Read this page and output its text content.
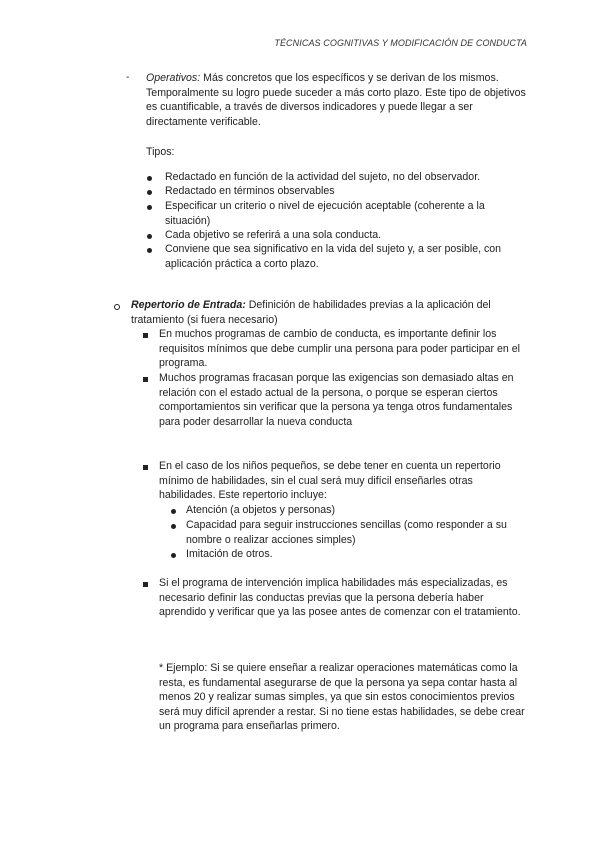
TÉCNICAS COGNITIVAS Y MODIFICACIÓN DE CONDUCTA
- Operativos: Más concretos que los específicos y se derivan de los mismos. Temporalmente su logro puede suceder a más corto plazo. Este tipo de objetivos es cuantificable, a través de diversos indicadores y puede llegar a ser directamente verificable.
Tipos:
Redactado en función de la actividad del sujeto, no del observador.
Redactado en términos observables
Especificar un criterio o nivel de ejecución aceptable (coherente a la situación)
Cada objetivo se referirá a una sola conducta.
Conviene que sea significativo en la vida del sujeto y, a ser posible, con aplicación práctica a corto plazo.
Repertorio de Entrada: Definición de habilidades previas a la aplicación del tratamiento (si fuera necesario)
En muchos programas de cambio de conducta, es importante definir los requisitos mínimos que debe cumplir una persona para poder participar en el programa.
Muchos programas fracasan porque las exigencias son demasiado altas en relación con el estado actual de la persona, o porque se esperan ciertos comportamientos sin verificar que la persona ya tenga otros fundamentales para poder desarrollar la nueva conducta
En el caso de los niños pequeños, se debe tener en cuenta un repertorio mínimo de habilidades, sin el cual será muy difícil enseñarles otras habilidades. Este repertorio incluye:
Atención (a objetos y personas)
Capacidad para seguir instrucciones sencillas (como responder a su nombre o realizar acciones simples)
Imitación de otros.
Si el programa de intervención implica habilidades más especializadas, es necesario definir las conductas previas que la persona debería haber aprendido y verificar que ya las posee antes de comenzar con el tratamiento.
* Ejemplo: Si se quiere enseñar a realizar operaciones matemáticas como la resta, es fundamental asegurarse de que la persona ya sepa contar hasta al menos 20 y realizar sumas simples, ya que sin estos conocimientos previos será muy difícil aprender a restar. Si no tiene estas habilidades, se debe crear un programa para enseñarlas primero.
